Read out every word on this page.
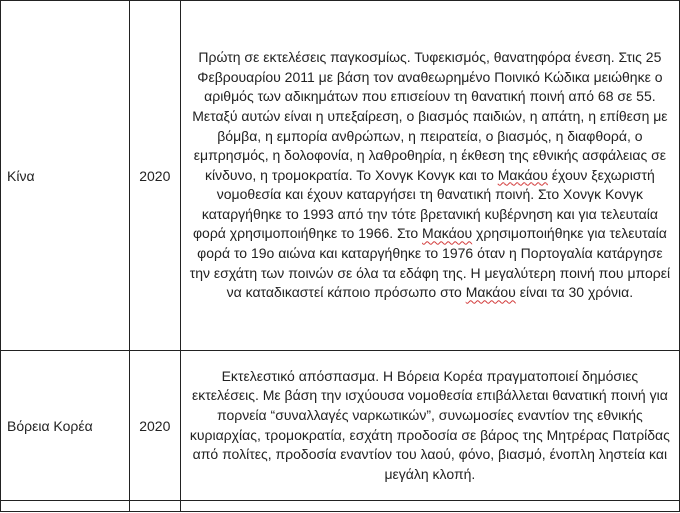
Κίνα	2020	Πρώτη σε εκτελέσεις παγκοσμίως. Τυφεκισμός, θανατηφόρα ένεση. Στις 25 Φεβρουαρίου 2011 με βάση τον αναθεωρημένο Ποινικό Κώδικα μειώθηκε ο αριθμός των αδικημάτων που επισείουν τη θανατική ποινή από 68 σε 55. Μεταξύ αυτών είναι η υπεξαίρεση, ο βιασμός παιδιών, η απάτη, η επίθεση με βόμβα, η εμπορία ανθρώπων, η πειρατεία, ο βιασμός, η διαφθορά, ο εμπρησμός, η δολοφονία, η λαθροθηρία, η έκθεση της εθνικής ασφάλειας σε κίνδυνο, η τρομοκρατία. Το Χονγκ Κονγκ και το Μακάου έχουν ξεχωριστή νομοθεσία και έχουν καταργήσει τη θανατική ποινή. Στο Χονγκ Κονγκ καταργήθηκε το 1993 από την τότε βρετανική κυβέρνηση και για τελευταία φορά χρησιμοποιήθηκε το 1966. Στο Μακάου χρησιμοποιήθηκε για τελευταία φορά το 19ο αιώνα και καταργήθηκε το 1976 όταν η Πορτογαλία κατάργησε την εσχάτη των ποινών σε όλα τα εδάφη της. Η μεγαλύτερη ποινή που μπορεί να καταδικαστεί κάποιο πρόσωπο στο Μακάου είναι τα 30 χρόνια.
Βόρεια Κορέα	2020	Εκτελεστικό απόσπασμα. Η Βόρεια Κορέα πραγματοποιεί δημόσιες εκτελέσεις. Με βάση την ισχύουσα νομοθεσία επιβάλλεται θανατική ποινή για πορνεία “συναλλαγές ναρκωτικών”, συνωμοσίες εναντίον της εθνικής κυριαρχίας, τρομοκρατία, εσχάτη προδοσία σε βάρος της Μητρέρας Πατρίδας από πολίτες, προδοσία εναντίον του λαού, φόνο, βιασμό, ένοπλη ληστεία και μεγάλη κλοπή.
